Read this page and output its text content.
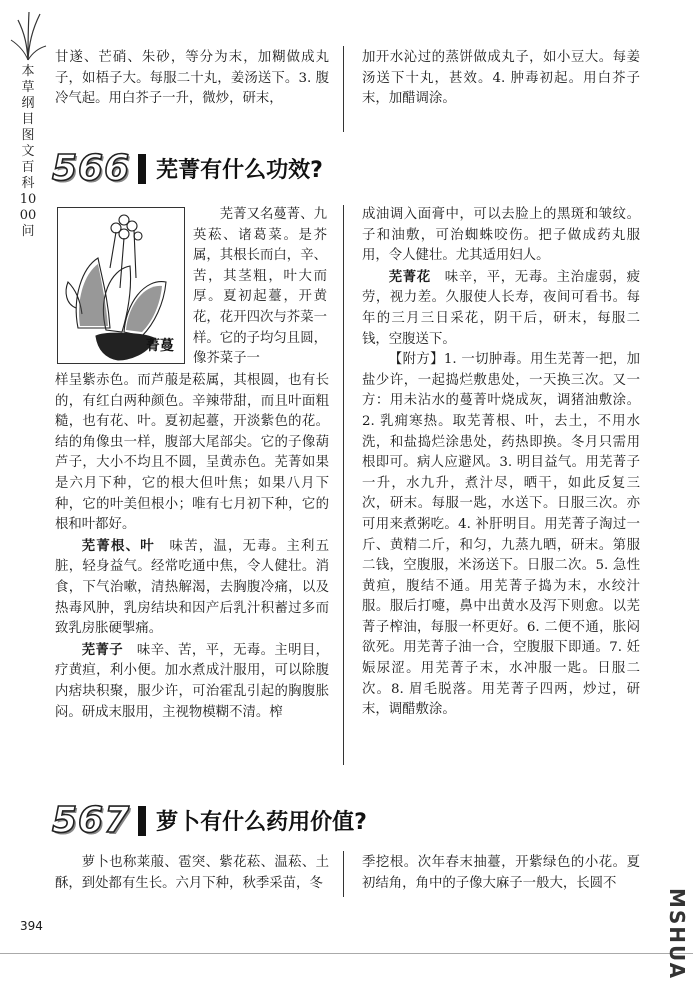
本草纲目图文百科1000问

甘遂、芒硝、朱砂，等分为末，加糊做成丸子，如梧子大。每服二十丸，姜汤送下。3. 腹冷气起。用白芥子一升，微炒，研末，

加开水沁过的蒸饼做成丸子，如小豆大。每姜汤送下十丸，甚效。4. 肿毒初起。用白芥子末，加醋调涂。

566 芜菁有什么功效?
菁蔓

芜菁又名蔓菁、九英菘、诸葛菜。是芥属，其根长而白，辛、苦，其茎粗，叶大而厚。夏初起薹，开黄花，花开四次与芥菜一样。它的子均匀且圆，像芥菜子一

样呈紫赤色。而芦菔是菘属，其根圆，也有长的，有红白两种颜色。辛辣带甜，而且叶面粗糙，也有花、叶。夏初起薹，开淡紫色的花。结的角像虫一样，腹部大尾部尖。它的子像葫芦子，大小不均且不圆，呈黄赤色。芜菁如果是六月下种，它的根大但叶焦；如果八月下种，它的叶美但根小；唯有七月初下种，它的根和叶都好。

芜菁根、叶  味苦，温，无毒。主利五脏，轻身益气。经常吃通中焦，令人健壮。消食，下气治嗽，清热解渴，去胸腹冷痛，以及热毒风肿，乳房结块和因产后乳汁积蓄过多而致乳房胀硬掣痛。

芜菁子  味辛、苦，平，无毒。主明目，疗黄疸，利小便。加水煮成汁服用，可以除腹内痞块积聚，服少许，可治霍乱引起的胸腹胀闷。研成末服用，主视物模糊不清。榨

成油调入面膏中，可以去脸上的黑斑和皱纹。子和油敷，可治蜘蛛咬伤。把子做成药丸服用，令人健壮。尤其适用妇人。

芜菁花  味辛，平，无毒。主治虚弱，疲劳，视力差。久服使人长寿，夜间可看书。每年的三月三日采花，阴干后，研末，每服二钱，空腹送下。

【附方】1. 一切肿毒。用生芜菁一把，加盐少许，一起捣烂敷患处，一天换三次。又一方：用未沾水的蔓菁叶烧成灰，调猪油敷涂。2. 乳痈寒热。取芜菁根、叶，去土，不用水洗，和盐捣烂涂患处，药热即换。冬月只需用根即可。病人应避风。3. 明目益气。用芜菁子一升，水九升，煮汁尽，晒干，如此反复三次，研末。每服一匙，水送下。日服三次。亦可用来煮粥吃。4. 补肝明目。用芜菁子淘过一斤、黄精二斤，和匀，九蒸九晒，研末。第服二钱，空腹服，米汤送下。日服二次。5. 急性黄疸，腹结不通。用芜菁子捣为末，水绞汁服。服后打嚏，鼻中出黄水及泻下则愈。以芜菁子榨油，每服一杯更好。6. 二便不通，胀闷欲死。用芜菁子油一合，空腹服下即通。7. 妊娠尿涩。用芜菁子末，水冲服一匙。日服二次。8. 眉毛脱落。用芜菁子四两，炒过，研末，调醋敷涂。

567 萝卜有什么药用价值?

萝卜也称莱菔、雹突、紫花菘、温菘、土酥，到处都有生长。六月下种，秋季采苗，冬

季挖根。次年春末抽薹，开紫绿色的小花。夏初结角，角中的子像大麻子一般大，长圆不

394	MSHUA
